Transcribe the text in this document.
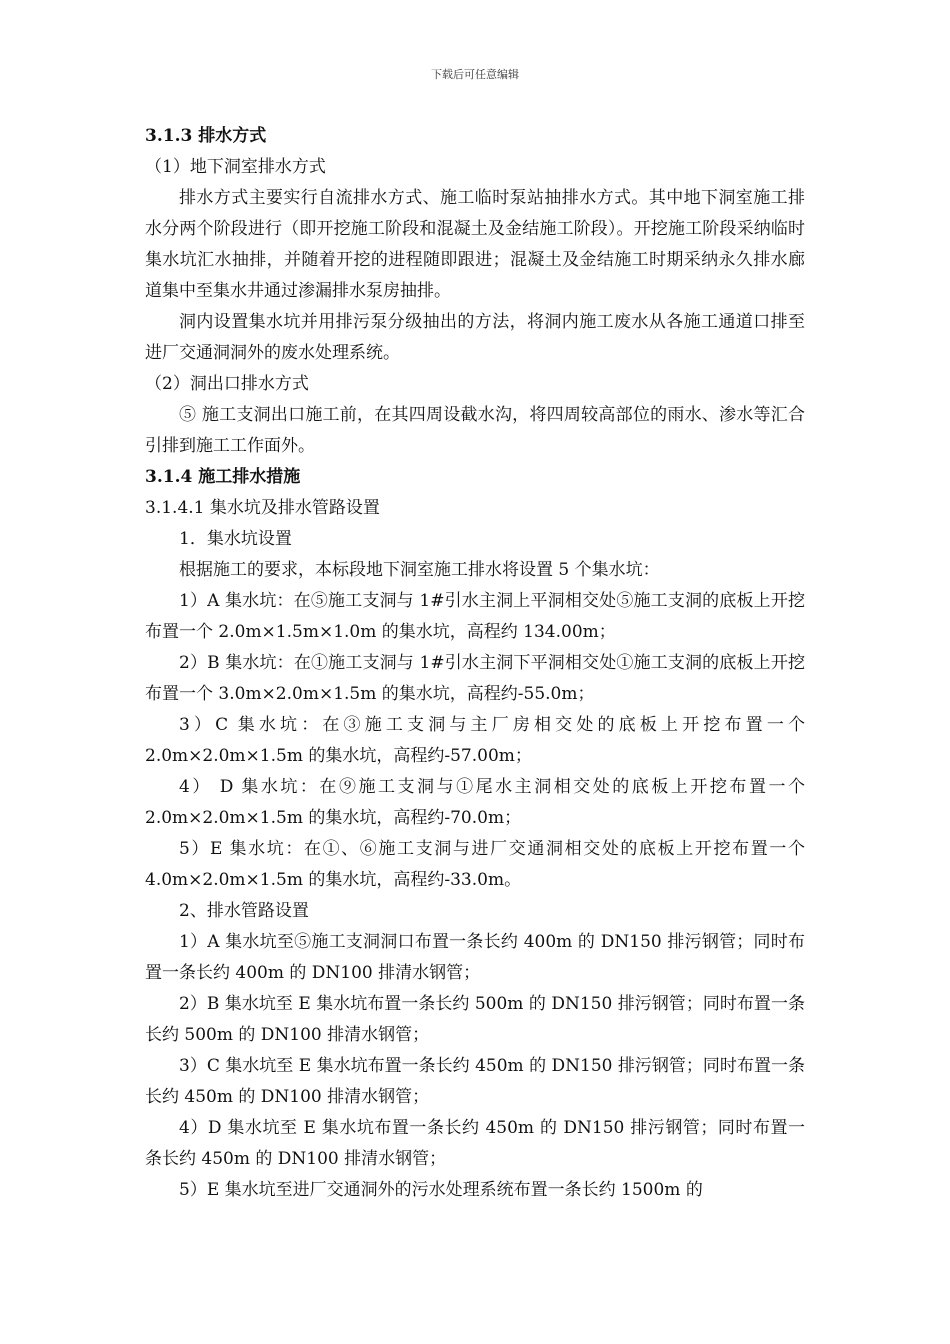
下载后可任意编辑

3.1.3 排水方式

（1）地下洞室排水方式

排水方式主要实行自流排水方式、施工临时泵站抽排水方式。其中地下洞室施工排水分两个阶段进行（即开挖施工阶段和混凝土及金结施工阶段）。开挖施工阶段采纳临时集水坑汇水抽排，并随着开挖的进程随即跟进；混凝土及金结施工时期采纳永久排水廊道集中至集水井通过渗漏排水泵房抽排。

洞内设置集水坑并用排污泵分级抽出的方法，将洞内施工废水从各施工通道口排至进厂交通洞洞外的废水处理系统。

（2）洞出口排水方式

⑤ 施工支洞出口施工前，在其四周设截水沟，将四周较高部位的雨水、渗水等汇合引排到施工工作面外。

3.1.4 施工排水措施

3.1.4.1 集水坑及排水管路设置

1．集水坑设置

根据施工的要求，本标段地下洞室施工排水将设置 5 个集水坑：

1）A 集水坑：在⑤施工支洞与 1#引水主洞上平洞相交处⑤施工支洞的底板上开挖布置一个 2.0m×1.5m×1.0m 的集水坑，高程约 134.00m；

2）B 集水坑：在①施工支洞与 1#引水主洞下平洞相交处①施工支洞的底板上开挖布置一个 3.0m×2.0m×1.5m 的集水坑，高程约-55.0m；

3）C 集水坑：在③施工支洞与主厂房相交处的底板上开挖布置一个 2.0m×2.0m×1.5m 的集水坑，高程约-57.00m；

4） D 集水坑：在⑨施工支洞与①尾水主洞相交处的底板上开挖布置一个 2.0m×2.0m×1.5m 的集水坑，高程约-70.0m；

5）E 集水坑：在①、⑥施工支洞与进厂交通洞相交处的底板上开挖布置一个 4.0m×2.0m×1.5m 的集水坑，高程约-33.0m。

2、排水管路设置

1）A 集水坑至⑤施工支洞洞口布置一条长约 400m 的 DN150 排污钢管；同时布置一条长约 400m 的 DN100 排清水钢管；

2）B 集水坑至 E 集水坑布置一条长约 500m 的 DN150 排污钢管；同时布置一条长约 500m 的 DN100 排清水钢管；

3）C 集水坑至 E 集水坑布置一条长约 450m 的 DN150 排污钢管；同时布置一条长约 450m 的 DN100 排清水钢管；

4）D 集水坑至 E 集水坑布置一条长约 450m 的 DN150 排污钢管；同时布置一条长约 450m 的 DN100 排清水钢管；

5）E 集水坑至进厂交通洞外的污水处理系统布置一条长约 1500m 的
